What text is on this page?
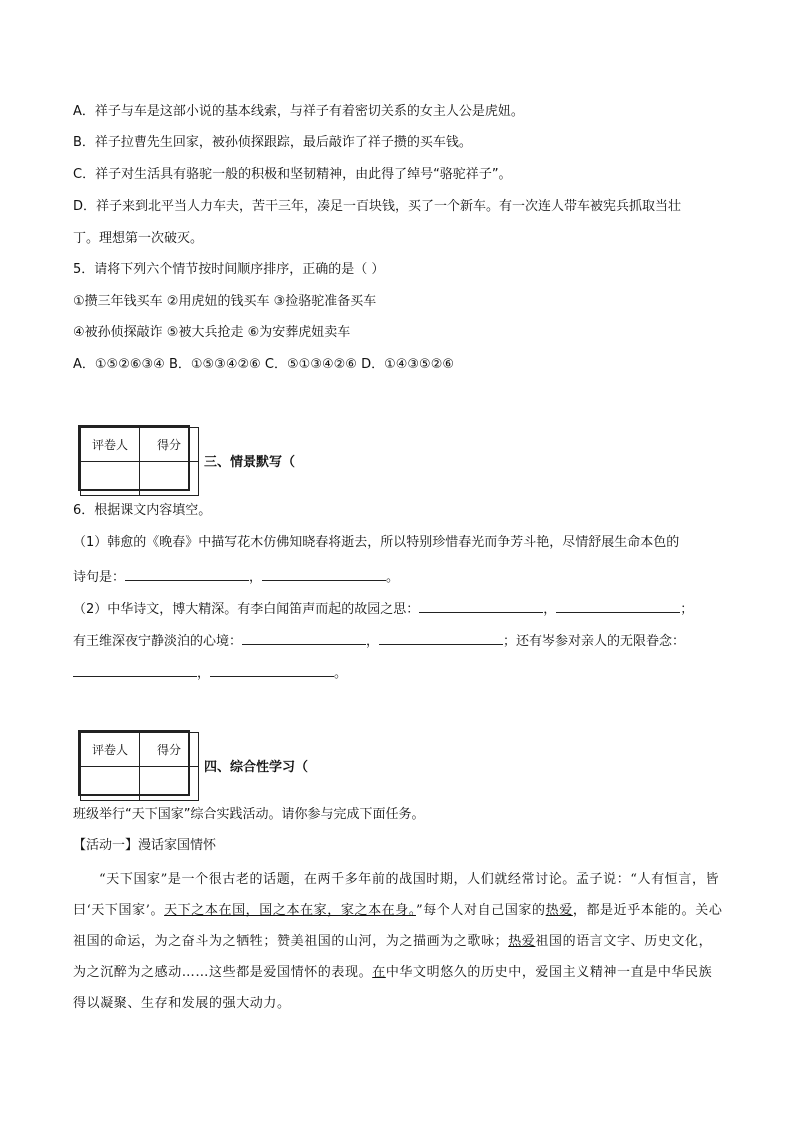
A．祥子与车是这部小说的基本线索，与祥子有着密切关系的女主人公是虎妞。
B．祥子拉曹先生回家，被孙侦探跟踪，最后敲诈了祥子攒的买车钱。
C．祥子对生活具有骆驼一般的积极和坚韧精神，由此得了绰号“骆驼祥子”。
D．祥子来到北平当人力车夫，苦干三年，凑足一百块钱，买了一个新车。有一次连人带车被宪兵抓取当壮
丁。理想第一次破灭。
5．请将下列六个情节按时间顺序排序，正确的是（ ）
①攒三年钱买车 ②用虎妞的钱买车 ③捡骆驼准备买车
④被孙侦探敲诈 ⑤被大兵抢走 ⑥为安葬虎妞卖车
A．①⑤②⑥③④ B．①⑤③④②⑥ C．⑤①③④②⑥ D．①④③⑤②⑥
评卷人	得分

三、情景默写（
6．根据课文内容填空。
（1）韩愈的《晚春》中描写花木仿佛知晓春将逝去，所以特别珍惜春光而争芳斗艳，尽情舒展生命本色的
诗句是：	，	。
（2）中华诗文，博大精深。有李白闻笛声而起的故园之思：	，	；
有王维深夜宁静淡泊的心境：	，	；还有岑参对亲人的无限眷念：
，	。
评卷人	得分

四、综合性学习（
班级举行“天下国家”综合实践活动。请你参与完成下面任务。
【活动一】漫话家国情怀

“天下国家”是一个很古老的话题，在两千多年前的战国时期，人们就经常讨论。孟子说：“人有恒言，皆曰‘天下国家’。天下之本在国，国之本在家，家之本在身。”每个人对自己国家的热爱，都是近乎本能的。关心祖国的命运，为之奋斗为之牺牲；赞美祖国的山河，为之描画为之歌咏；热爱祖国的语言文字、历史文化，为之沉醉为之感动……这些都是爱国情怀的表现。在中华文明悠久的历史中，爱国主义精神一直是中华民族得以凝聚、生存和发展的强大动力。
